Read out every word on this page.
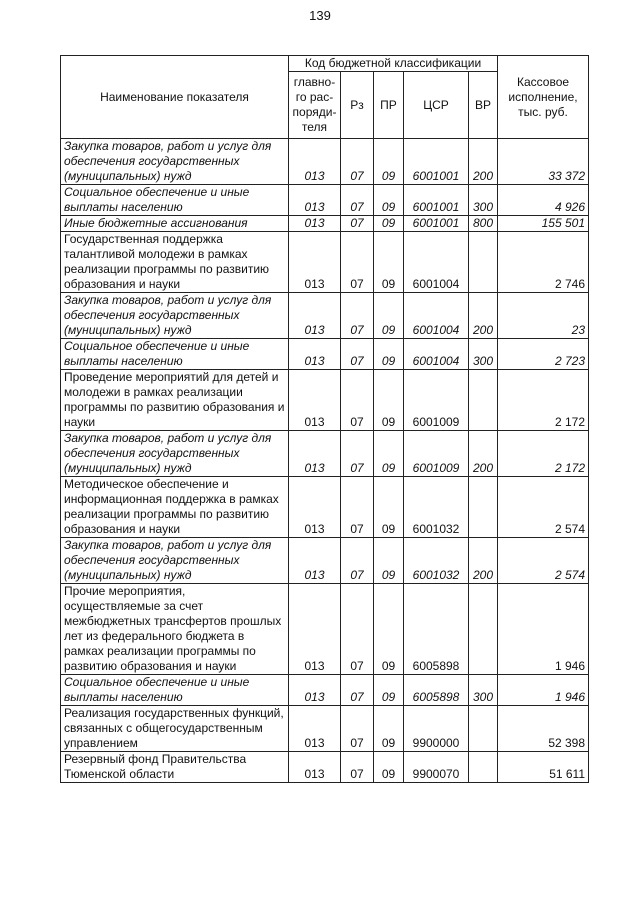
139
Наименование показателя	Код бюджетной классификации					Кассовое исполнение, тыс. руб.
	главно-го рас-поряди-теля	Рз	ПР	ЦСР	ВР	
Закупка товаров, работ и услуг для обеспечения государственных (муниципальных) нужд	013	07	09	6001001	200	33 372
Социальное обеспечение и иные выплаты населению	013	07	09	6001001	300	4 926
Иные бюджетные ассигнования	013	07	09	6001001	800	155 501
Государственная поддержка талантливой молодежи в рамках реализации программы по развитию образования и науки	013	07	09	6001004		2 746
Закупка товаров, работ и услуг для обеспечения государственных (муниципальных) нужд	013	07	09	6001004	200	23
Социальное обеспечение и иные выплаты населению	013	07	09	6001004	300	2 723
Проведение мероприятий для детей и молодежи в рамках реализации программы по развитию образования и науки	013	07	09	6001009		2 172
Закупка товаров, работ и услуг для обеспечения государственных (муниципальных) нужд	013	07	09	6001009	200	2 172
Методическое обеспечение и информационная поддержка в рамках реализации программы по развитию образования и науки	013	07	09	6001032		2 574
Закупка товаров, работ и услуг для обеспечения государственных (муниципальных) нужд	013	07	09	6001032	200	2 574
Прочие мероприятия, осуществляемые за счет межбюджетных трансфертов прошлых лет из федерального бюджета в рамках реализации программы по развитию образования и науки	013	07	09	6005898		1 946
Социальное обеспечение и иные выплаты населению	013	07	09	6005898	300	1 946
Реализация государственных функций, связанных с общегосударственным управлением	013	07	09	9900000		52 398
Резервный фонд Правительства Тюменской области	013	07	09	9900070		51 611
